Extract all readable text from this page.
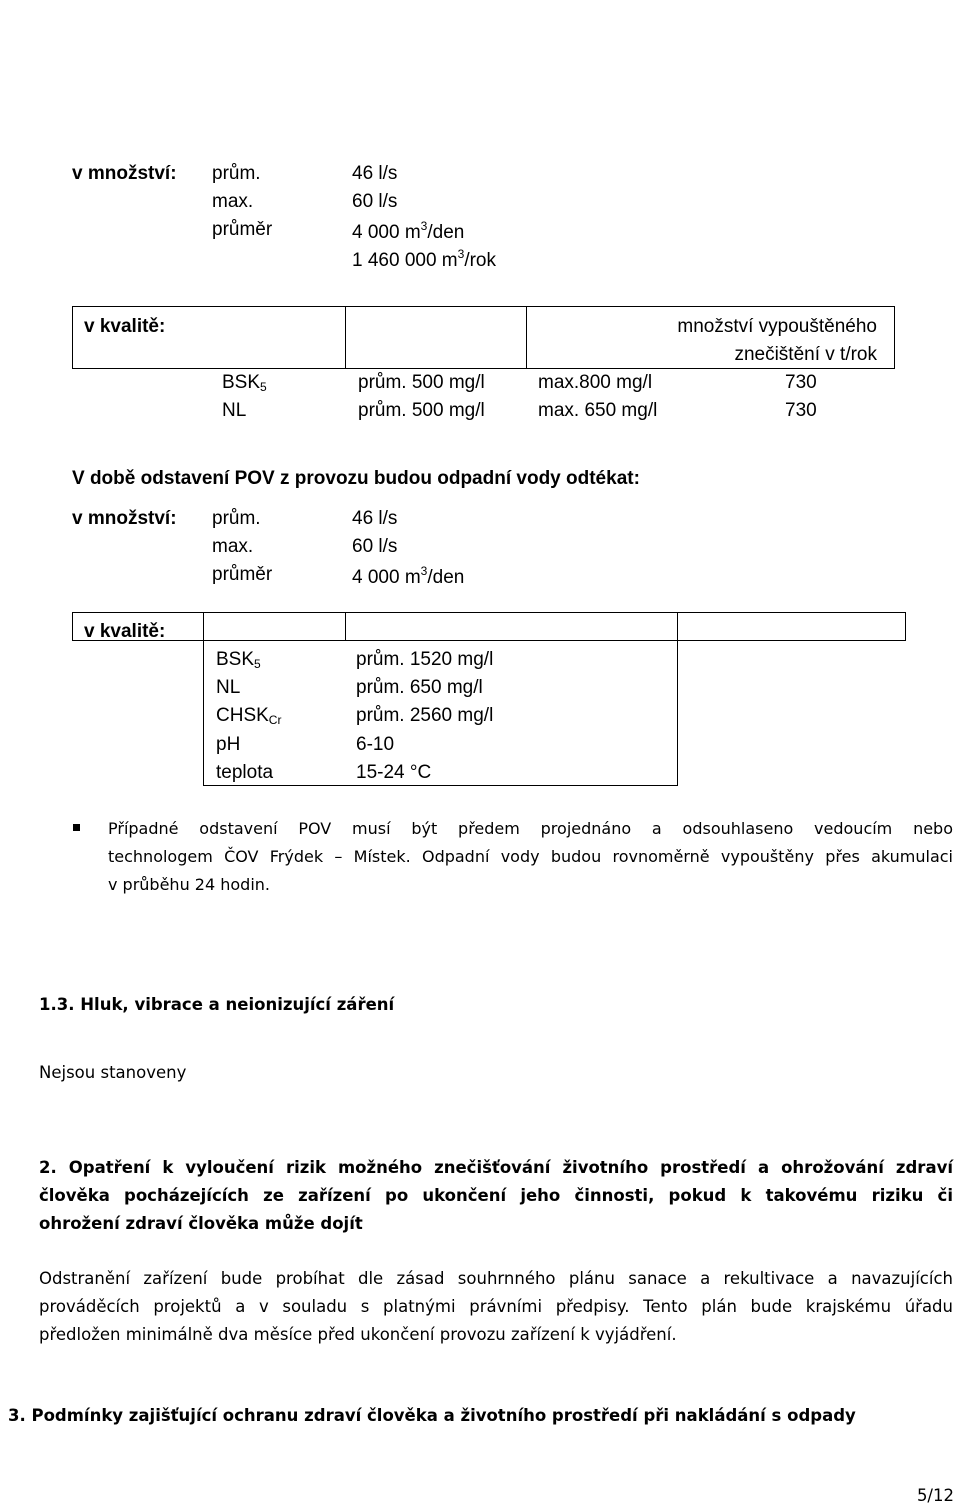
Plzeňský Prazdroj, a.s. – Výroba piva a nealkoholických nápojů
Integrované povolení čj. ŽPZ/4298/03/KI/1 ze dne 27. 2. 2004, ve znění pozdějších změn
v množství: prům.	46 l/s
max.	60 l/s
průměr	4 000 $m^3$/den
1 460 000 $m^3$/rok
v kvalitě:	množství vypouštěného
znečištění v t/rok
BSK5	prům. 500 mg/l	max.800 mg/l	730
NL	prům. 500 mg/l	max. 650 mg/l	730
V době odstavení POV z provozu budou odpadní vody odtékat:
v množství: prům.	46 l/s
max.	60 l/s
průměr	4 000 $m^3$/den
v kvalitě:
BSK5	prům. 1520 mg/l
NL	prům. 650 mg/l
CHSKCr	prům. 2560 mg/l
pH	6-10
teplota	15-24 °C
Případné odstavení POV musí být předem projednáno a odsouhlaseno vedoucím nebo
technologem ČOV Frýdek – Místek. Odpadní vody budou rovnoměrně vypouštěny přes akumulaci
v průběhu 24 hodin.
1.3. Hluk, vibrace a neionizující záření
Nejsou stanoveny
2. Opatření k vyloučení rizik možného znečišťování životního prostředí a ohrožování zdraví
člověka pocházejících ze zařízení po ukončení jeho činnosti, pokud k takovému riziku či
ohrožení zdraví člověka může dojít
Odstranění zařízení bude probíhat dle zásad souhrnného plánu sanace a rekultivace a navazujících
prováděcích projektů a v souladu s platnými právními předpisy. Tento plán bude krajskému úřadu
předložen minimálně dva měsíce před ukončení provozu zařízení k vyjádření.
3. Podmínky zajišťující ochranu zdraví člověka a životního prostředí při nakládání s odpady
5/12
